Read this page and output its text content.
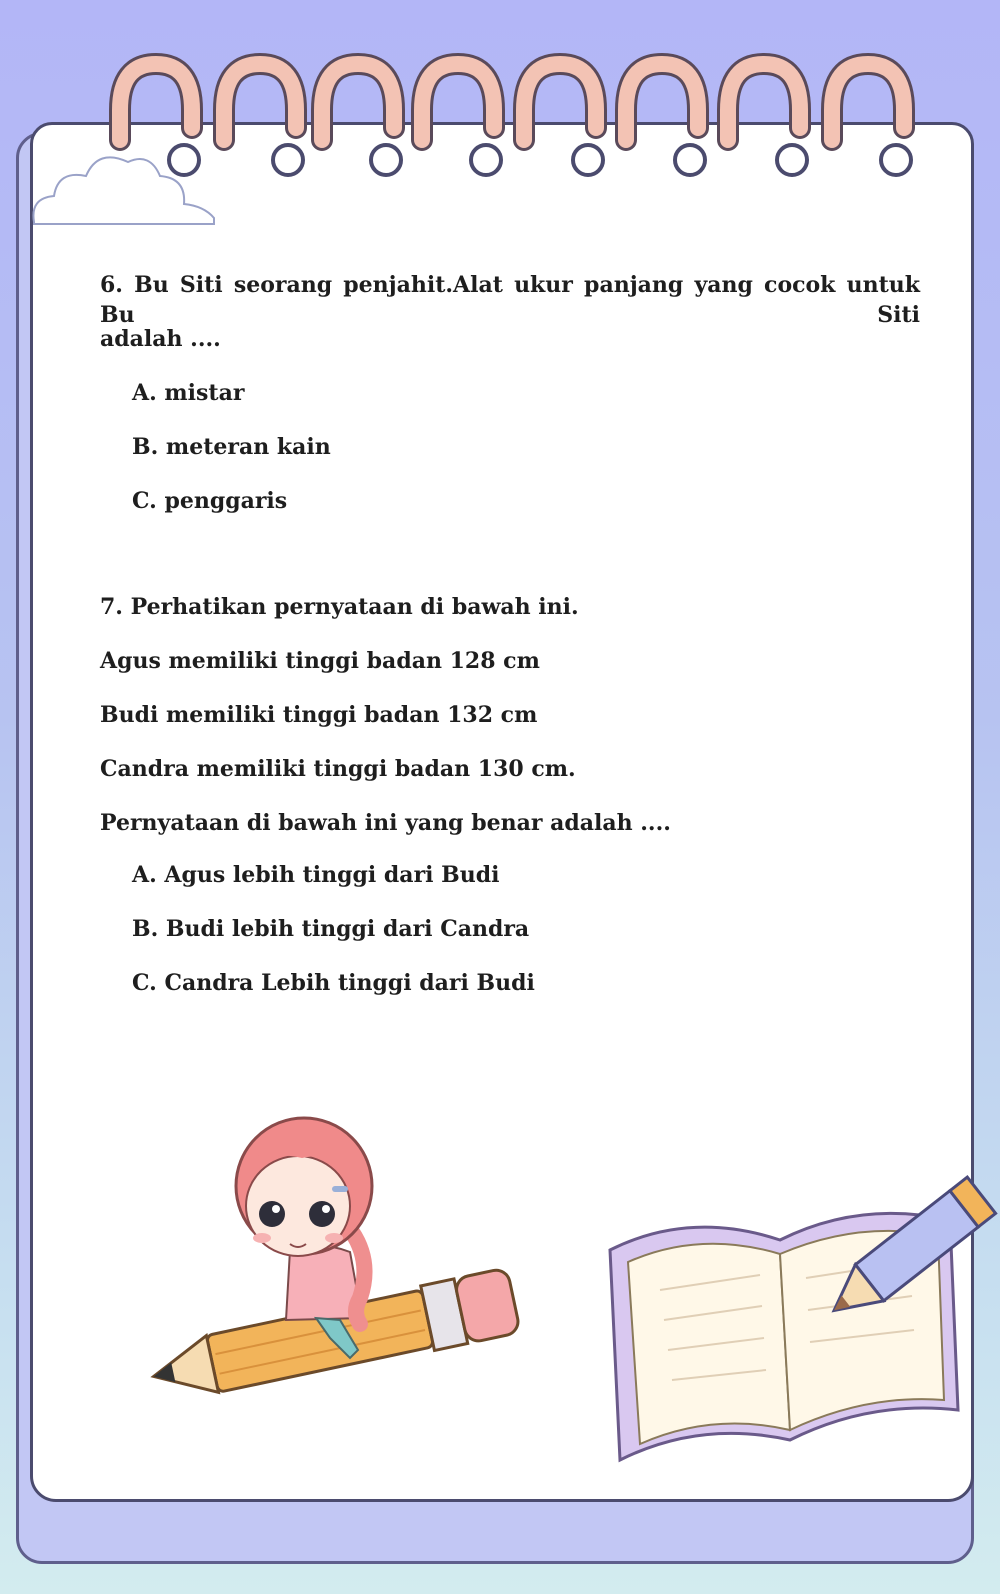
6. Bu Siti seorang penjahit.Alat ukur panjang yang cocok untuk Bu Siti
adalah ....
A. mistar
B. meteran kain
C. penggaris
7. Perhatikan pernyataan di bawah ini.
Agus memiliki tinggi badan 128 cm
Budi memiliki tinggi badan 132 cm
Candra memiliki tinggi badan 130 cm.
Pernyataan di bawah ini yang benar adalah ....
A. Agus lebih tinggi dari Budi
B. Budi lebih tinggi dari Candra
C. Candra Lebih tinggi dari Budi
